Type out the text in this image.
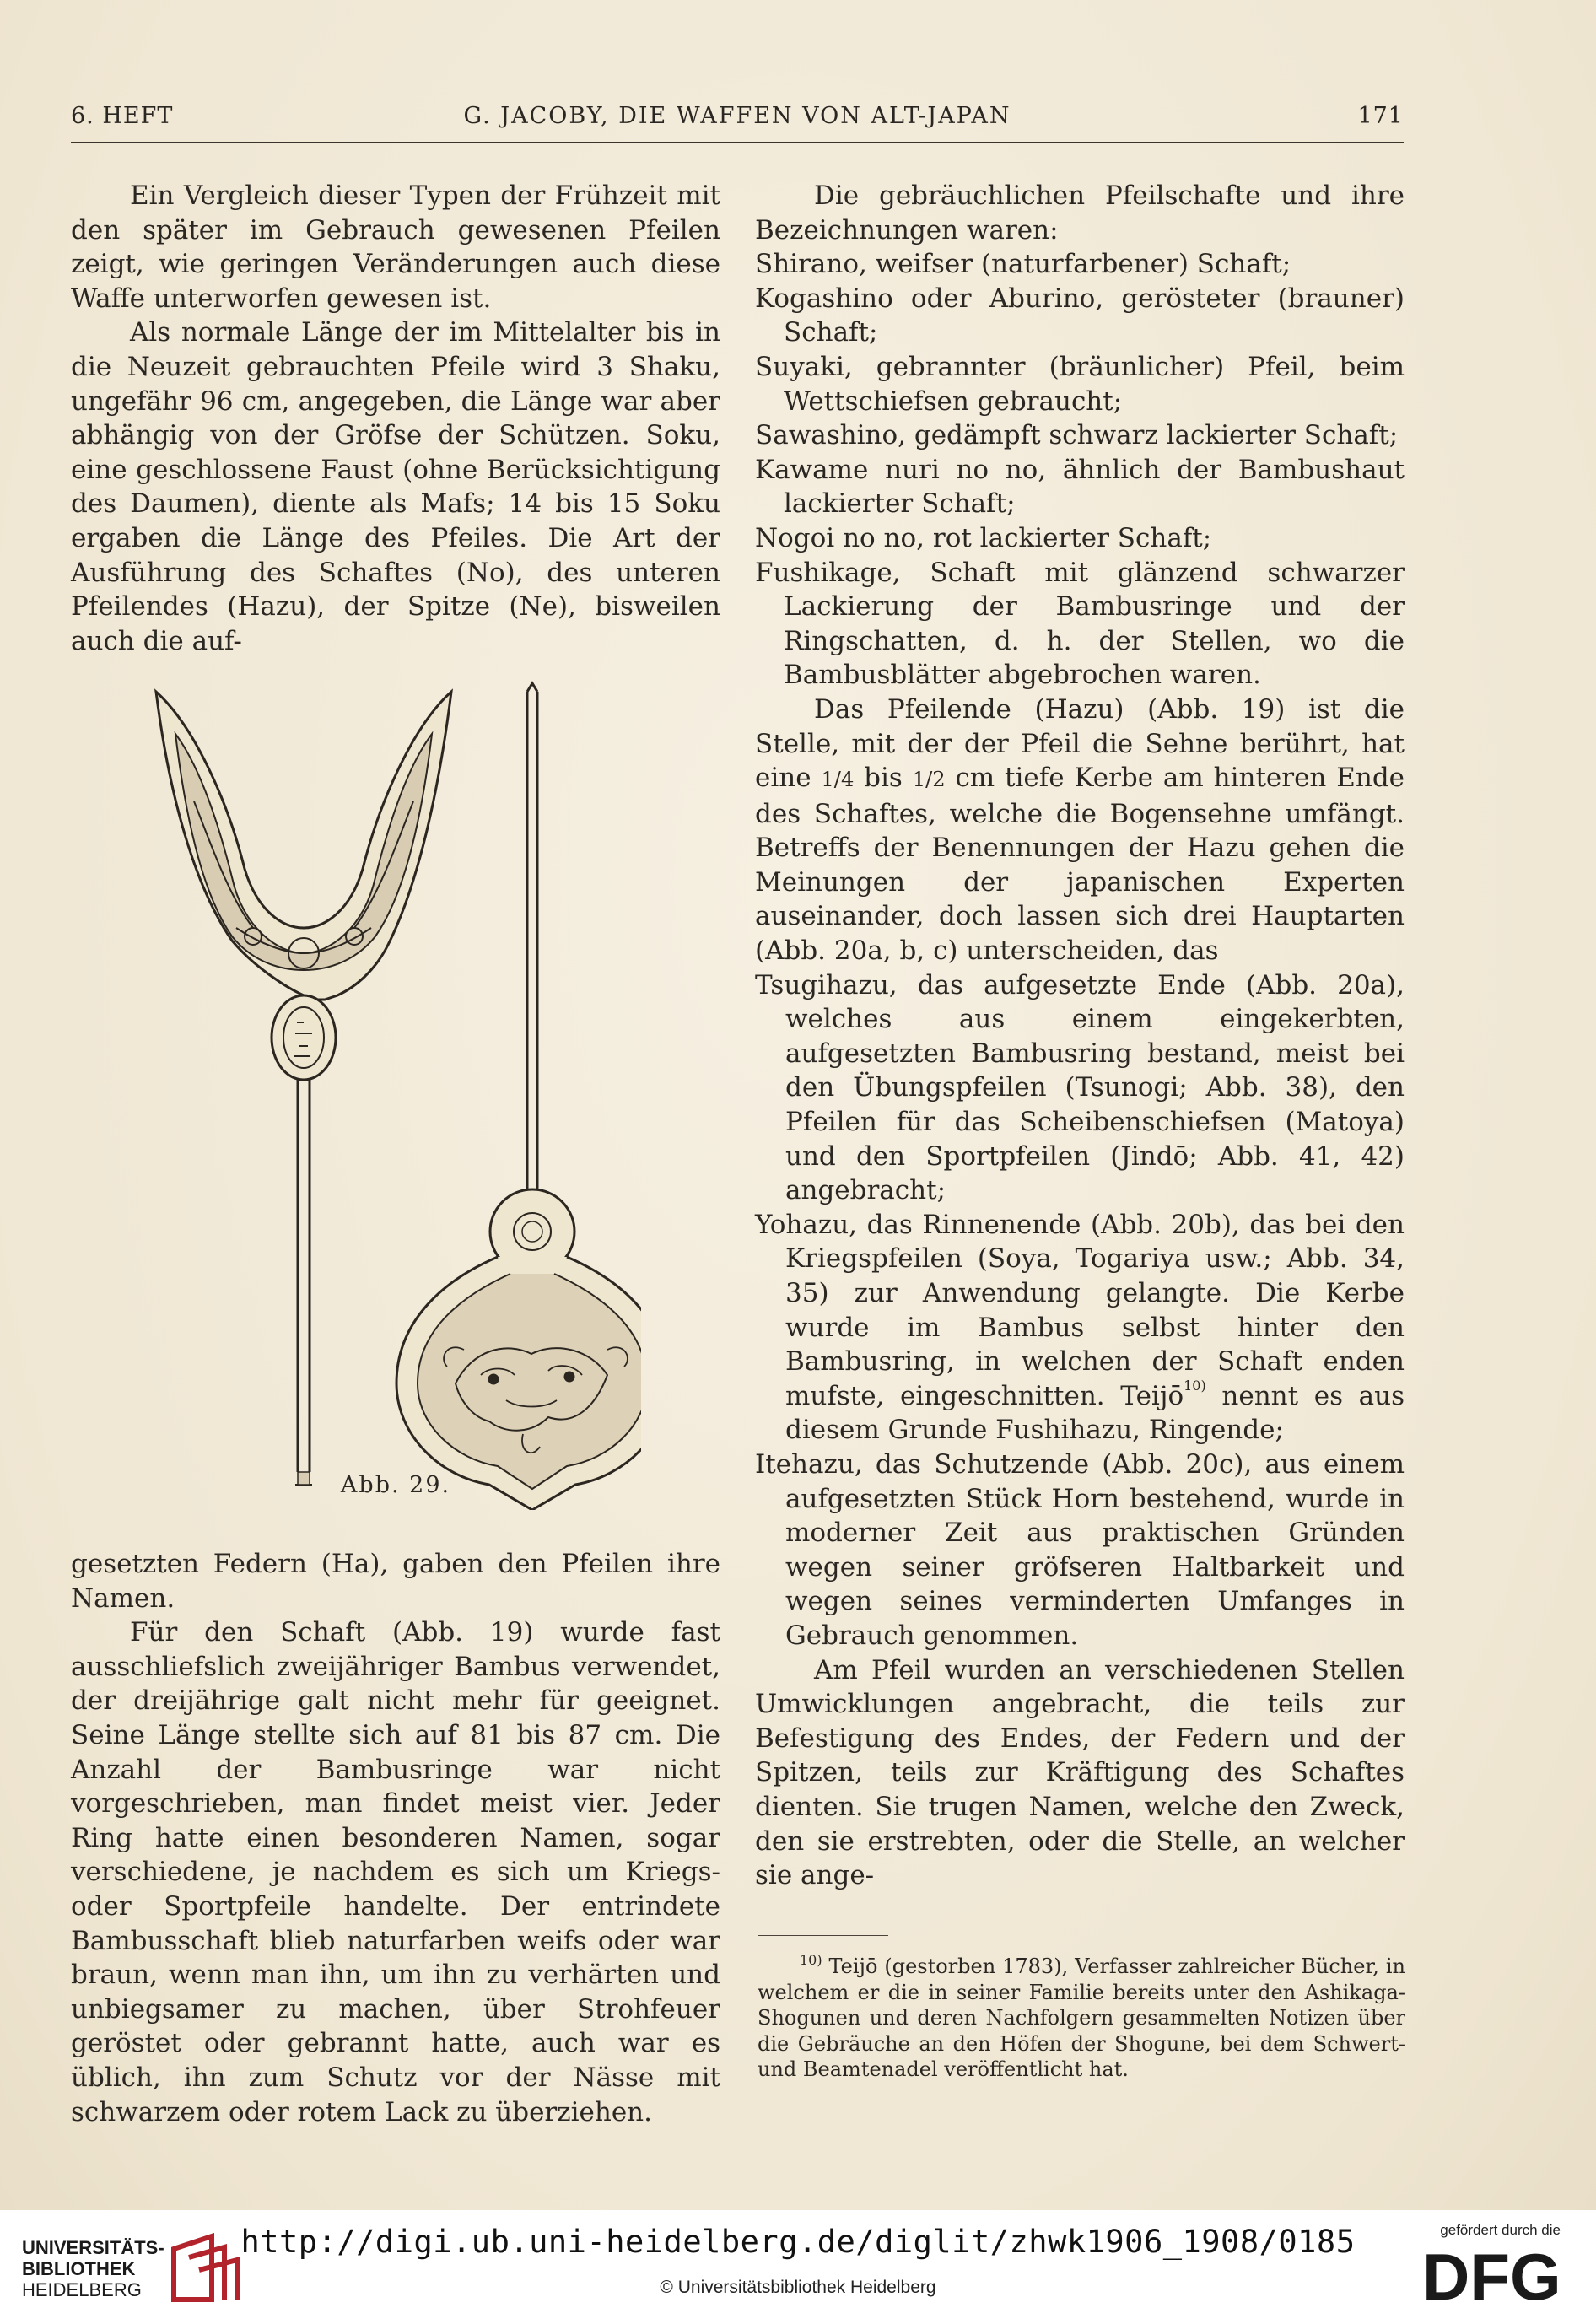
6. HEFT	G. JACOBY, DIE WAFFEN VON ALT-JAPAN	171

Ein Vergleich dieser Typen der Frühzeit mit den später im Gebrauch gewesenen Pfeilen zeigt, wie geringen Veränderungen auch diese Waffe unterworfen gewesen ist.

Als normale Länge der im Mittelalter bis in die Neuzeit gebrauchten Pfeile wird 3 Shaku, ungefähr 96 cm, angegeben, die Länge war aber abhängig von der Gröfse der Schützen. Soku, eine geschlossene Faust (ohne Berücksichtigung des Daumen), diente als Mafs; 14 bis 15 Soku ergaben die Länge des Pfeiles. Die Art der Ausführung des Schaftes (No), des unteren Pfeilendes (Hazu), der Spitze (Ne), bisweilen auch die auf-

Abb. 29.

gesetzten Federn (Ha), gaben den Pfeilen ihre Namen.

Für den Schaft (Abb. 19) wurde fast ausschliefslich zweijähriger Bambus verwendet, der dreijährige galt nicht mehr für geeignet. Seine Länge stellte sich auf 81 bis 87 cm. Die Anzahl der Bambusringe war nicht vorgeschrieben, man findet meist vier. Jeder Ring hatte einen besonderen Namen, sogar verschiedene, je nachdem es sich um Kriegs- oder Sportpfeile handelte. Der entrindete Bambusschaft blieb naturfarben weifs oder war braun, wenn man ihn, um ihn zu verhärten und unbiegsamer zu machen, über Strohfeuer geröstet oder gebrannt hatte, auch war es üblich, ihn zum Schutz vor der Nässe mit schwarzem oder rotem Lack zu überziehen.

Die gebräuchlichen Pfeilschafte und ihre Bezeichnungen waren:

Shirano, weifser (naturfarbener) Schaft;
Kogashino oder Aburino, gerösteter (brauner) Schaft;
Suyaki, gebrannter (bräunlicher) Pfeil, beim Wettschiefsen gebraucht;
Sawashino, gedämpft schwarz lackierter Schaft;
Kawame nuri no no, ähnlich der Bambushaut lackierter Schaft;
Nogoi no no, rot lackierter Schaft;
Fushikage, Schaft mit glänzend schwarzer Lackierung der Bambusringe und der Ringschatten, d. h. der Stellen, wo die Bambusblätter abgebrochen waren.

Das Pfeilende (Hazu) (Abb. 19) ist die Stelle, mit der der Pfeil die Sehne berührt, hat eine 1/4 bis 1/2 cm tiefe Kerbe am hinteren Ende des Schaftes, welche die Bogensehne umfängt. Betreffs der Benennungen der Hazu gehen die Meinungen der japanischen Experten auseinander, doch lassen sich drei Hauptarten (Abb. 20a, b, c) unterscheiden, das

Tsugihazu, das aufgesetzte Ende (Abb. 20a), welches aus einem eingekerbten, aufgesetzten Bambusring bestand, meist bei den Übungspfeilen (Tsunogi; Abb. 38), den Pfeilen für das Scheibenschiefsen (Matoya) und den Sportpfeilen (Jindō; Abb. 41, 42) angebracht;
Yohazu, das Rinnenende (Abb. 20b), das bei den Kriegspfeilen (Soya, Togariya usw.; Abb. 34, 35) zur Anwendung gelangte. Die Kerbe wurde im Bambus selbst hinter den Bambusring, in welchen der Schaft enden mufste, eingeschnitten. Teijō$^{10)}$ nennt es aus diesem Grunde Fushihazu, Ringende;
Itehazu, das Schutzende (Abb. 20c), aus einem aufgesetzten Stück Horn bestehend, wurde in moderner Zeit aus praktischen Gründen wegen seiner gröfseren Haltbarkeit und wegen seines verminderten Umfanges in Gebrauch genommen.

Am Pfeil wurden an verschiedenen Stellen Umwicklungen angebracht, die teils zur Befestigung des Endes, der Federn und der Spitzen, teils zur Kräftigung des Schaftes dienten. Sie trugen Namen, welche den Zweck, den sie erstrebten, oder die Stelle, an welcher sie ange-

$^{10)}$ Teijō (gestorben 1783), Verfasser zahlreicher Bücher, in welchem er die in seiner Familie bereits unter den Ashikaga-Shogunen und deren Nachfolgern gesammelten Notizen über die Gebräuche an den Höfen der Shogune, bei dem Schwert- und Beamtenadel veröffentlicht hat.

UNIVERSITÄTS-
BIBLIOTHEK
HEIDELBERG
http://digi.ub.uni-heidelberg.de/diglit/zhwk1906_1908/0185
© Universitätsbibliothek Heidelberg
gefördert durch die
DFG
